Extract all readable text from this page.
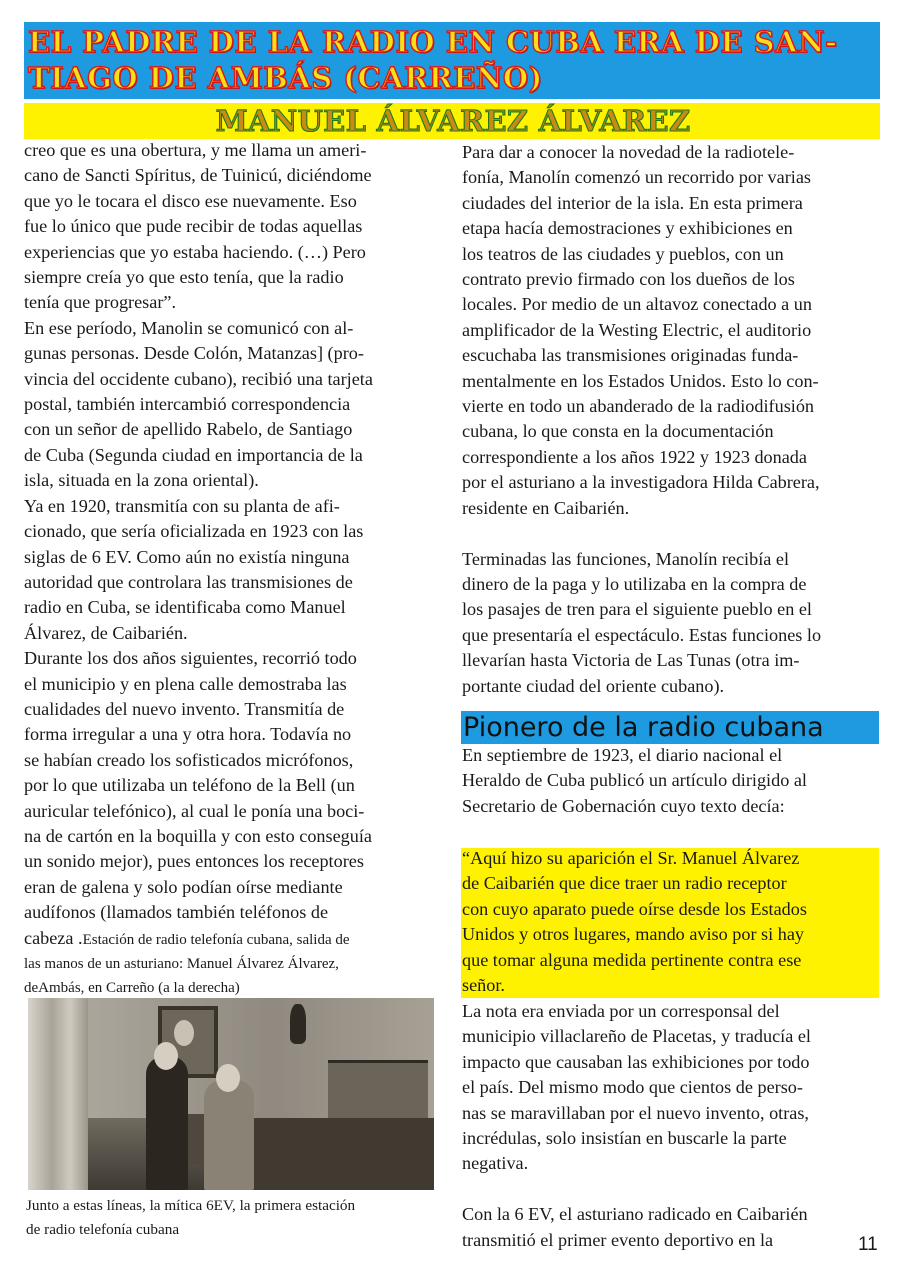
EL PADRE DE LA RADIO EN CUBA ERA DE SAN-
TIAGO DE AMBÁS (CARREÑO)
MANUEL ÁLVAREZ ÁLVAREZ

creo que es una obertura, y me llama un ameri-

cano de Sancti Spíritus, de Tuinicú, diciéndome

que yo le tocara el disco ese nuevamente. Eso

fue lo único que pude recibir de todas aquellas

experiencias que yo estaba haciendo. (…) Pero

siempre creía yo que esto tenía, que la radio

tenía que progresar”.

En ese período, Manolin se comunicó con al-

gunas personas. Desde Colón, Matanzas] (pro-

vincia del occidente cubano), recibió una tarjeta

postal, también intercambió correspondencia

con un señor de apellido Rabelo, de Santiago

de Cuba (Segunda ciudad en importancia de la

isla, situada en la zona oriental).

Ya en 1920, transmitía con su planta de afi-

cionado, que sería oficializada en 1923 con las

siglas de 6 EV. Como aún no existía ninguna

autoridad que controlara las transmisiones de

radio en Cuba, se identificaba como Manuel

Álvarez, de Caibarién.

Durante los dos años siguientes, recorrió todo

el municipio y en plena calle demostraba las

cualidades del nuevo invento. Transmitía de

forma irregular a una y otra hora. Todavía no

se habían creado los sofisticados micrófonos,

por lo que utilizaba un teléfono de la Bell (un

auricular telefónico), al cual le ponía una boci-

na de cartón en la boquilla y con esto conseguía

un sonido mejor), pues entonces los receptores

eran de galena y solo podían oírse mediante

audífonos (llamados también teléfonos de

cabeza .Estación de radio telefonía cubana, salida de

las manos de un asturiano: Manuel Álvarez Álvarez,

deAmbás, en Carreño (a la derecha)

Junto a estas líneas, la mítica 6EV, la primera estación

de radio telefonía cubana

Para dar a conocer la novedad de la radiotele-

fonía, Manolín comenzó un recorrido por varias

ciudades del interior de la isla. En esta primera

etapa hacía demostraciones y exhibiciones en

los teatros de las ciudades y pueblos, con un

contrato previo firmado con los dueños de los

locales. Por medio de un altavoz conectado a un

amplificador de la Westing Electric, el auditorio

escuchaba las transmisiones originadas funda-

mentalmente en los Estados Unidos. Esto lo con-

vierte en todo un abanderado de la radiodifusión

cubana, lo que consta en la documentación

correspondiente a los años 1922 y 1923 donada

por el asturiano a la investigadora Hilda Cabrera,

residente en Caibarién.

Terminadas las funciones, Manolín recibía el

dinero de la paga y lo utilizaba en la compra de

los pasajes de tren para el siguiente pueblo en el

que presentaría el espectáculo. Estas funciones lo

llevarían hasta Victoria de Las Tunas (otra im-

portante ciudad del oriente cubano).

Pionero de la radio cubana

En septiembre de 1923, el diario nacional el

Heraldo de Cuba publicó un artículo dirigido al

Secretario de Gobernación cuyo texto decía:

“Aquí hizo su aparición el Sr. Manuel Álvarez

de Caibarién que dice traer un radio receptor

con cuyo aparato puede oírse desde los Estados

Unidos y otros lugares, mando aviso por si hay

que tomar alguna medida pertinente contra ese

señor.

La nota era enviada por un corresponsal del

municipio villaclareño de Placetas, y traducía el

impacto que causaban las exhibiciones por todo

el país. Del mismo modo que cientos de perso-

nas se maravillaban por el nuevo invento, otras,

incrédulas, solo insistían en buscarle la parte

negativa.

Con la 6 EV, el asturiano radicado en Caibarién

transmitió el primer evento deportivo en la	11
